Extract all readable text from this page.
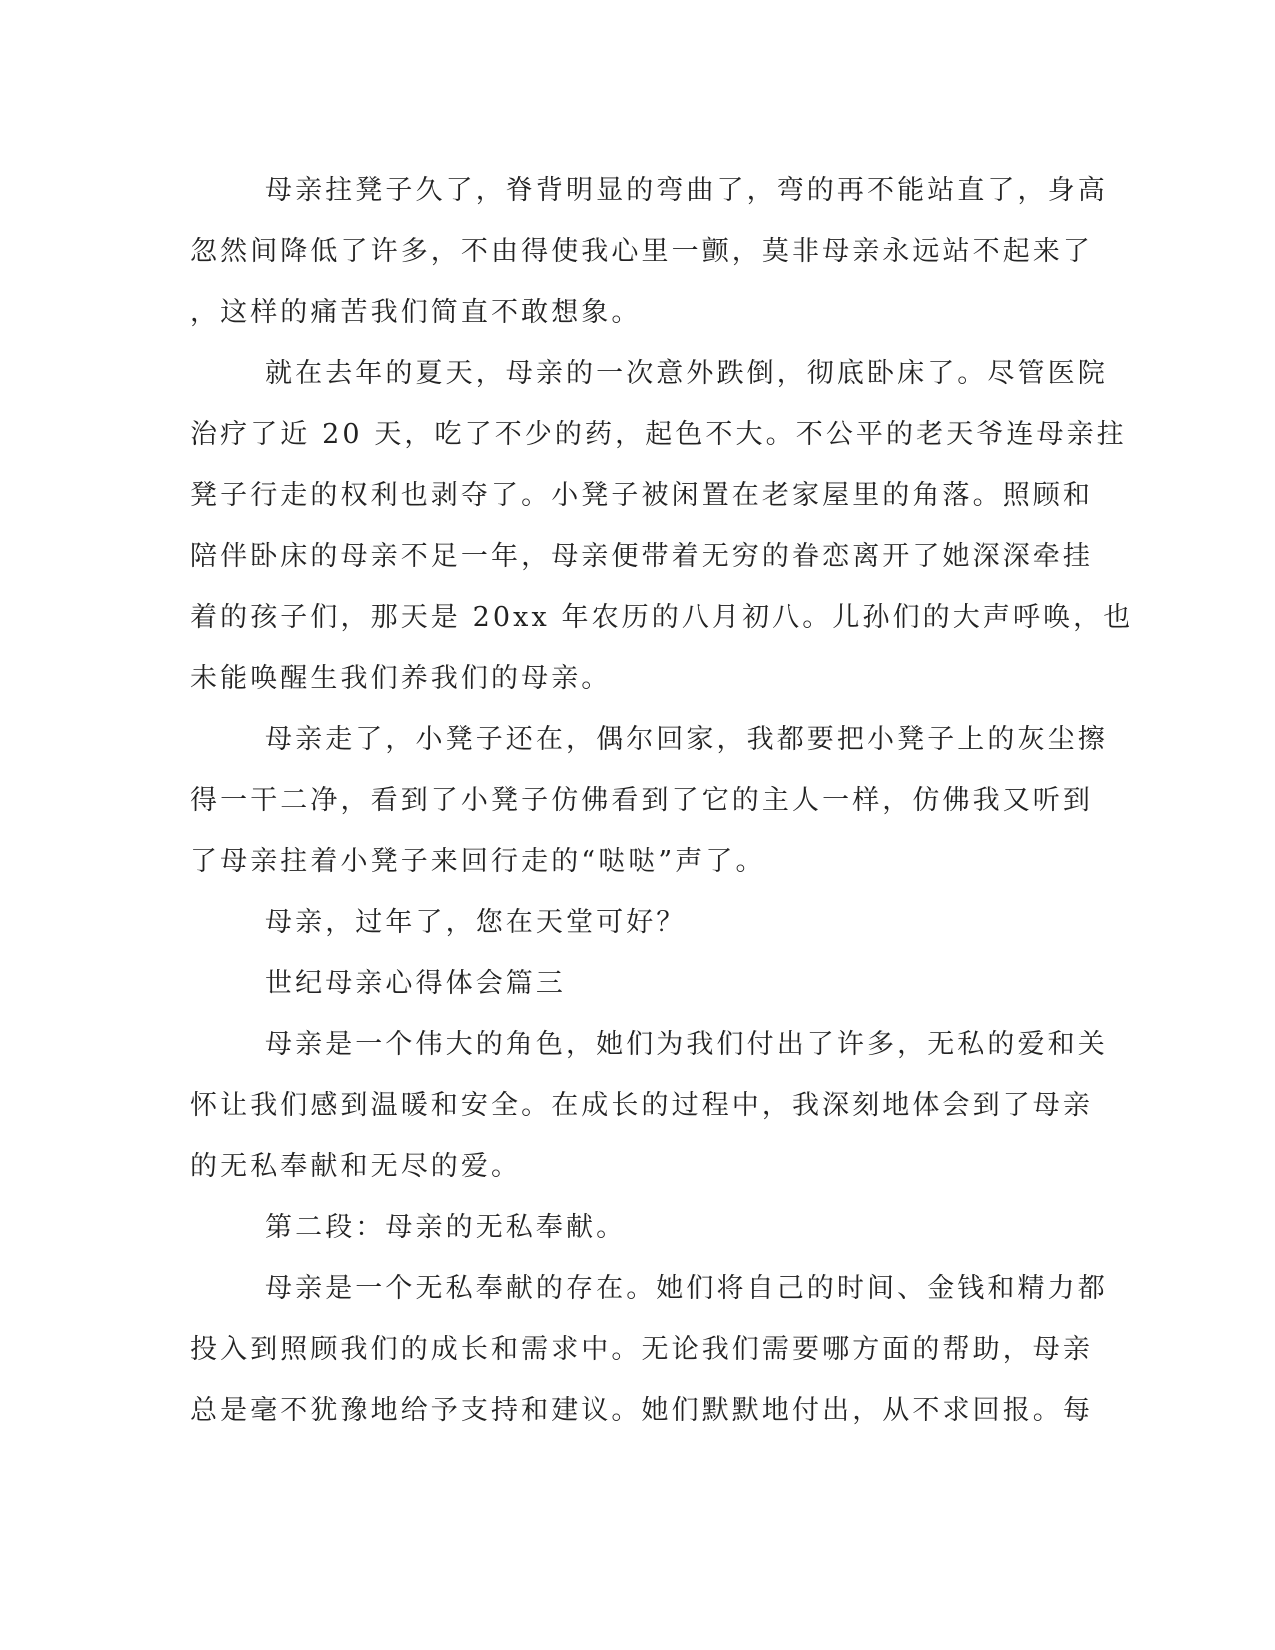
母亲拄凳子久了，脊背明显的弯曲了，弯的再不能站直了，身高
忽然间降低了许多，不由得使我心里一颤，莫非母亲永远站不起来了
，这样的痛苦我们简直不敢想象。
就在去年的夏天，母亲的一次意外跌倒，彻底卧床了。尽管医院
治疗了近 20 天，吃了不少的药，起色不大。不公平的老天爷连母亲拄
凳子行走的权利也剥夺了。小凳子被闲置在老家屋里的角落。照顾和
陪伴卧床的母亲不足一年，母亲便带着无穷的眷恋离开了她深深牵挂
着的孩子们，那天是 20xx 年农历的八月初八。儿孙们的大声呼唤，也
未能唤醒生我们养我们的母亲。
母亲走了，小凳子还在，偶尔回家，我都要把小凳子上的灰尘擦
得一干二净，看到了小凳子仿佛看到了它的主人一样，仿佛我又听到
了母亲拄着小凳子来回行走的“哒哒”声了。
母亲，过年了，您在天堂可好？
世纪母亲心得体会篇三
母亲是一个伟大的角色，她们为我们付出了许多，无私的爱和关
怀让我们感到温暖和安全。在成长的过程中，我深刻地体会到了母亲
的无私奉献和无尽的爱。
第二段：母亲的无私奉献。
母亲是一个无私奉献的存在。她们将自己的时间、金钱和精力都
投入到照顾我们的成长和需求中。无论我们需要哪方面的帮助，母亲
总是毫不犹豫地给予支持和建议。她们默默地付出，从不求回报。每
